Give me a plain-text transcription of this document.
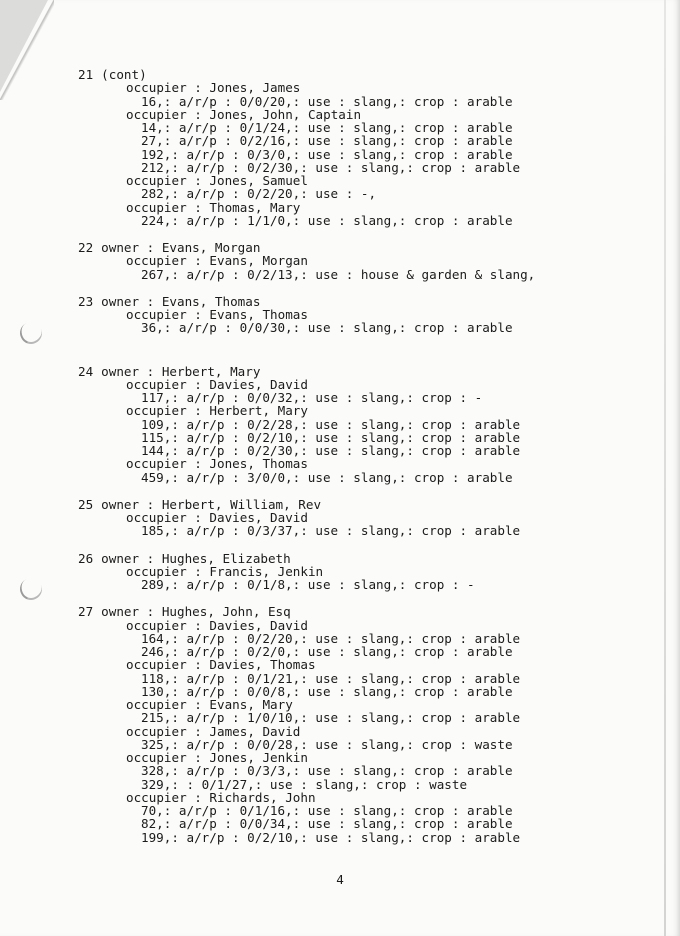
21 (cont)
occupier : Jones, James
16,: a/r/p : 0/0/20,: use : slang,: crop : arable
occupier : Jones, John, Captain
14,: a/r/p : 0/1/24,: use : slang,: crop : arable
27,: a/r/p : 0/2/16,: use : slang,: crop : arable
192,: a/r/p : 0/3/0,: use : slang,: crop : arable
212,: a/r/p : 0/2/30,: use : slang,: crop : arable
occupier : Jones, Samuel
282,: a/r/p : 0/2/20,: use : -,
occupier : Thomas, Mary
224,: a/r/p : 1/1/0,: use : slang,: crop : arable
22 owner : Evans, Morgan
occupier : Evans, Morgan
267,: a/r/p : 0/2/13,: use : house & garden & slang,
23 owner : Evans, Thomas
occupier : Evans, Thomas
36,: a/r/p : 0/0/30,: use : slang,: crop : arable
24 owner : Herbert, Mary
occupier : Davies, David
117,: a/r/p : 0/0/32,: use : slang,: crop : -
occupier : Herbert, Mary
109,: a/r/p : 0/2/28,: use : slang,: crop : arable
115,: a/r/p : 0/2/10,: use : slang,: crop : arable
144,: a/r/p : 0/2/30,: use : slang,: crop : arable
occupier : Jones, Thomas
459,: a/r/p : 3/0/0,: use : slang,: crop : arable
25 owner : Herbert, William, Rev
occupier : Davies, David
185,: a/r/p : 0/3/37,: use : slang,: crop : arable
26 owner : Hughes, Elizabeth
occupier : Francis, Jenkin
289,: a/r/p : 0/1/8,: use : slang,: crop : -
27 owner : Hughes, John, Esq
occupier : Davies, David
164,: a/r/p : 0/2/20,: use : slang,: crop : arable
246,: a/r/p : 0/2/0,: use : slang,: crop : arable
occupier : Davies, Thomas
118,: a/r/p : 0/1/21,: use : slang,: crop : arable
130,: a/r/p : 0/0/8,: use : slang,: crop : arable
occupier : Evans, Mary
215,: a/r/p : 1/0/10,: use : slang,: crop : arable
occupier : James, David
325,: a/r/p : 0/0/28,: use : slang,: crop : waste
occupier : Jones, Jenkin
328,: a/r/p : 0/3/3,: use : slang,: crop : arable
329,: : 0/1/27,: use : slang,: crop : waste
occupier : Richards, John
70,: a/r/p : 0/1/16,: use : slang,: crop : arable
82,: a/r/p : 0/0/34,: use : slang,: crop : arable
199,: a/r/p : 0/2/10,: use : slang,: crop : arable
4
